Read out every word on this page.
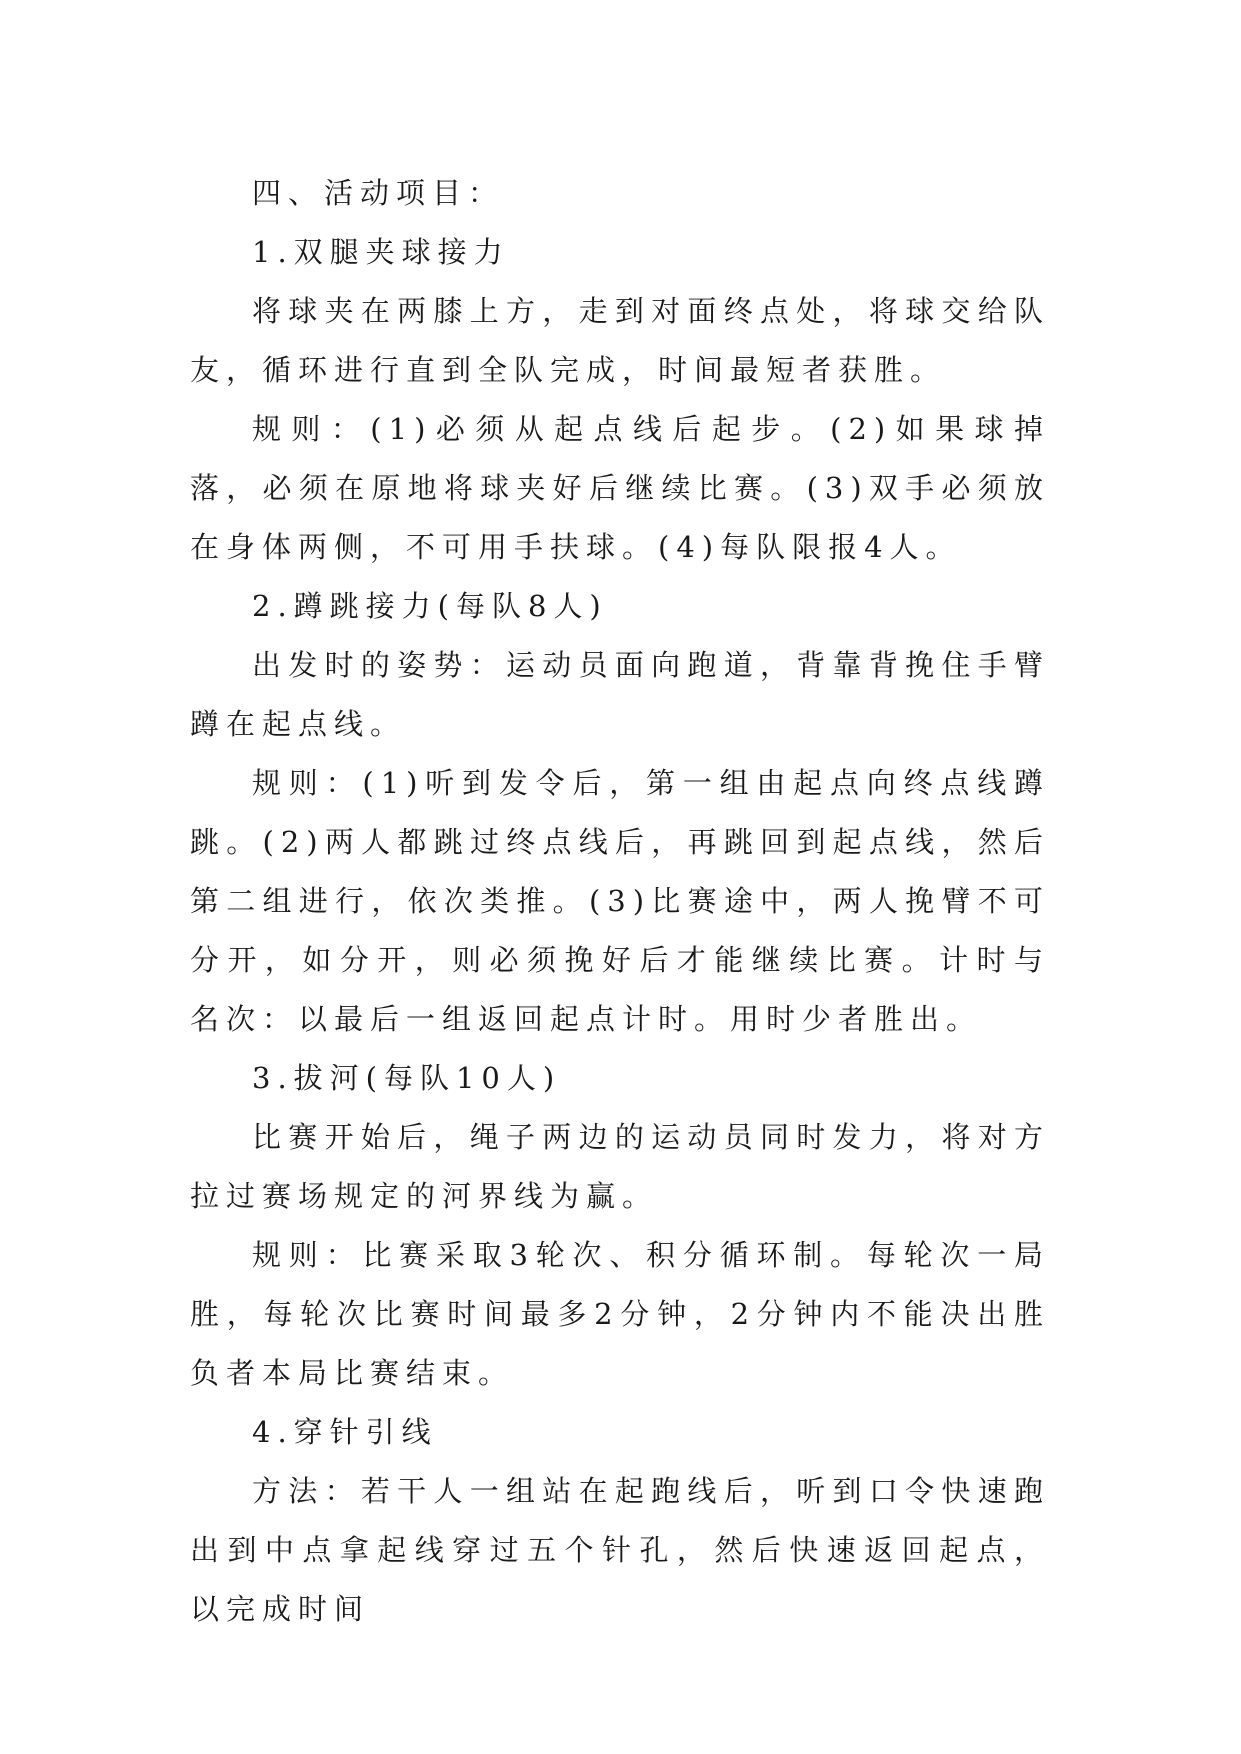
四、活动项目：

1.双腿夹球接力

将球夹在两膝上方，走到对面终点处，将球交给队友，循环进行直到全队完成，时间最短者获胜。

规则：(1)必须从起点线后起步。(2)如果球掉落，必须在原地将球夹好后继续比赛。(3)双手必须放在身体两侧，不可用手扶球。(4)每队限报4人。

2.蹲跳接力(每队8人)

出发时的姿势：运动员面向跑道，背靠背挽住手臂蹲在起点线。

规则：(1)听到发令后，第一组由起点向终点线蹲跳。(2)两人都跳过终点线后，再跳回到起点线，然后第二组进行，依次类推。(3)比赛途中，两人挽臂不可分开，如分开，则必须挽好后才能继续比赛。计时与名次：以最后一组返回起点计时。用时少者胜出。

3.拔河(每队10人)

比赛开始后，绳子两边的运动员同时发力，将对方拉过赛场规定的河界线为赢。

规则：比赛采取3轮次、积分循环制。每轮次一局胜，每轮次比赛时间最多2分钟，2分钟内不能决出胜负者本局比赛结束。

4.穿针引线

方法：若干人一组站在起跑线后，听到口令快速跑出到中点拿起线穿过五个针孔，然后快速返回起点，以完成时间
